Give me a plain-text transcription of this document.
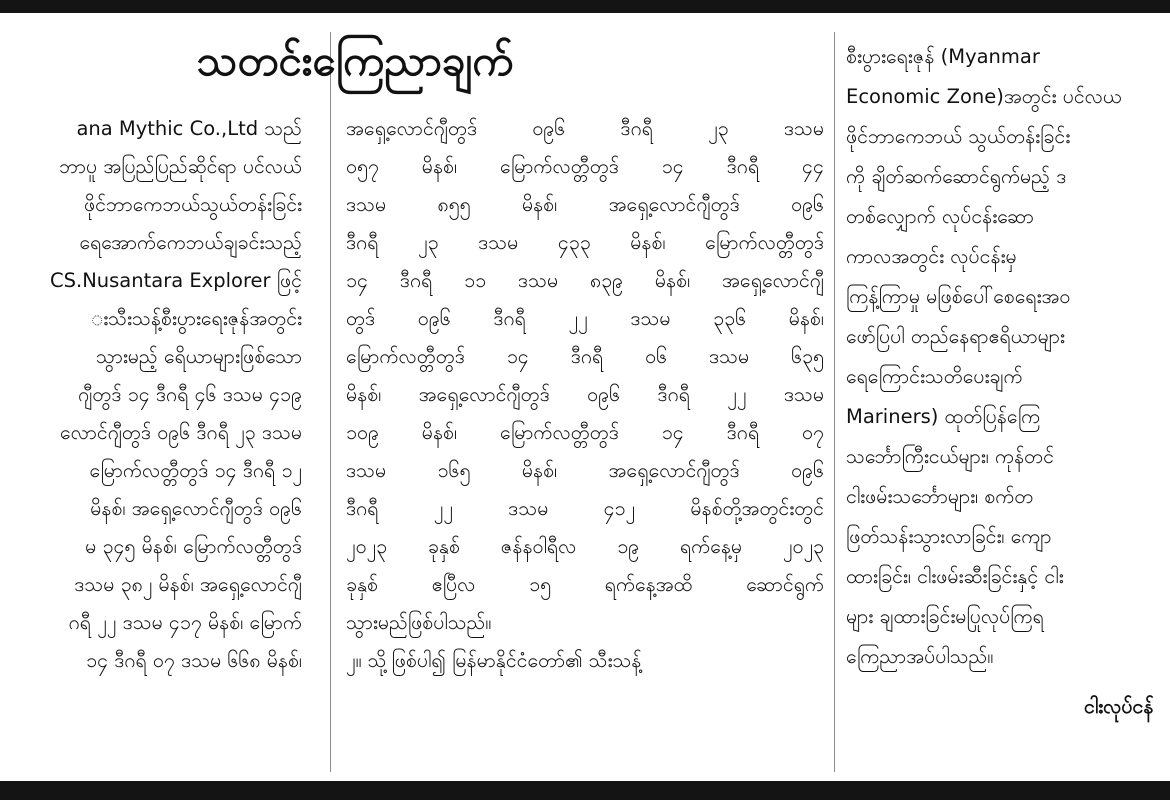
ana Mythic Co.,Ltd သည်
ဘာပူ အပြည်ပြည်ဆိုင်ရာ ပင်လယ်
ဖိုင်ဘာကေဘယ်သွယ်တန်းခြင်း
ရေအောက်ကေဘယ်ချခင်းသည့်
CS.Nusantara Explorer ဖြင့်
းသီးသန့်စီးပွားရေးဇုန်အတွင်း
သွားမည့် ရေိယာများဖြစ်သော
ဂျီတွဒ် ၁၄ ဒီဂရီ ၄၆ ဒသမ ၄၁၉
လောင်ဂျီတွဒ် ၀၉၆ ဒီဂရီ ၂၃ ဒသမ
မြောက်လတ္တီတွဒ် ၁၄ ဒီဂရီ ၁၂
မိနစ်၊ အရှေ့လောင်ဂျီတွဒ် ၀၉၆
မ ၃၄၅ မိနစ်၊ မြောက်လတ္တီတွဒ်
ဒသမ ၃၈၂ မိနစ်၊ အရှေ့လောင်ဂျီ
ဂရီ ၂၂ ဒသမ ၄၁၇ မိနစ်၊ မြောက်
၁၄ ဒီဂရီ ၀၇ ဒသမ ၆၆၈ မိနစ်၊
သတင်းကြေညာချက်
အရှေ့လောင်ဂျီတွဒ် ၀၉၆ ဒီဂရီ ၂၃ ဒသမ
၀၅၇ မိနစ်၊ မြောက်လတ္တီတွဒ် ၁၄ ဒီဂရီ ၄၄
ဒသမ ၈၅၅ မိနစ်၊ အရှေ့လောင်ဂျီတွဒ် ၀၉၆
ဒီဂရီ ၂၃ ဒသမ ၄၃၃ မိနစ်၊ မြောက်လတ္တီတွဒ်
၁၄ ဒီဂရီ ၁၁ ဒသမ ၈၃၉ မိနစ်၊ အရှေ့လောင်ဂျီ
တွဒ် ၀၉၆ ဒီဂရီ ၂၂ ဒသမ ၃၃၆ မိနစ်၊
မြောက်လတ္တီတွဒ် ၁၄ ဒီဂရီ ၀၆ ဒသမ ၆၃၅
မိနစ်၊ အရှေ့လောင်ဂျီတွဒ် ၀၉၆ ဒီဂရီ ၂၂ ဒသမ
၁၀၉ မိနစ်၊ မြောက်လတ္တီတွဒ် ၁၄ ဒီဂရီ ၀၇
ဒသမ ၁၆၅ မိနစ်၊ အရှေ့လောင်ဂျီတွဒ် ၀၉၆
ဒီဂရီ ၂၂ ဒသမ ၄၁၂ မိနစ်တို့အတွင်းတွင်
၂၀၂၃ ခုနှစ် ဇန်နဝါရီလ ၁၉ ရက်နေ့မှ ၂၀၂၃
ခုနှစ် ဧပြီလ ၁၅ ရက်နေ့အထိ ဆောင်ရွက်
သွားမည်ဖြစ်ပါသည်။
၂။ သို့ဖြစ်ပါ၍ မြန်မာနိုင်ငံတော်၏ သီးသန့်
စီးပွားရေးဇုန် (Myanmar
Economic Zone)အတွင်း ပင်လယ
ဖိုင်ဘာကေဘယ် သွယ်တန်းခြင်း
ကို ချိတ်ဆက်ဆောင်ရွက်မည့် ဒ
တစ်လျှောက် လုပ်ငန်းဆော
ကာလအတွင်း လုပ်ငန်းမှ
ကြန့်ကြာမှု မဖြစ်ပေါ်စေရေးအဝ
ဖော်ပြပါ တည်နေရာဧရိယာများ
ရေကြောင်းသတိပေးချက်
Mariners) ထုတ်ပြန်ကြေ
သင်္ဘောကြီးငယ်များ၊ ကုန်တင်
ငါးဖမ်းသင်္ဘောများ၊ စက်တ
ဖြတ်သန်းသွားလာခြင်း၊ ကျော
ထားခြင်း၊ ငါးဖမ်းဆီးခြင်းနှင့် ငါး
များ ချထားခြင်းမပြုလုပ်ကြရ
ကြေညာအပ်ပါသည်။
ငါးလုပ်ငန်
